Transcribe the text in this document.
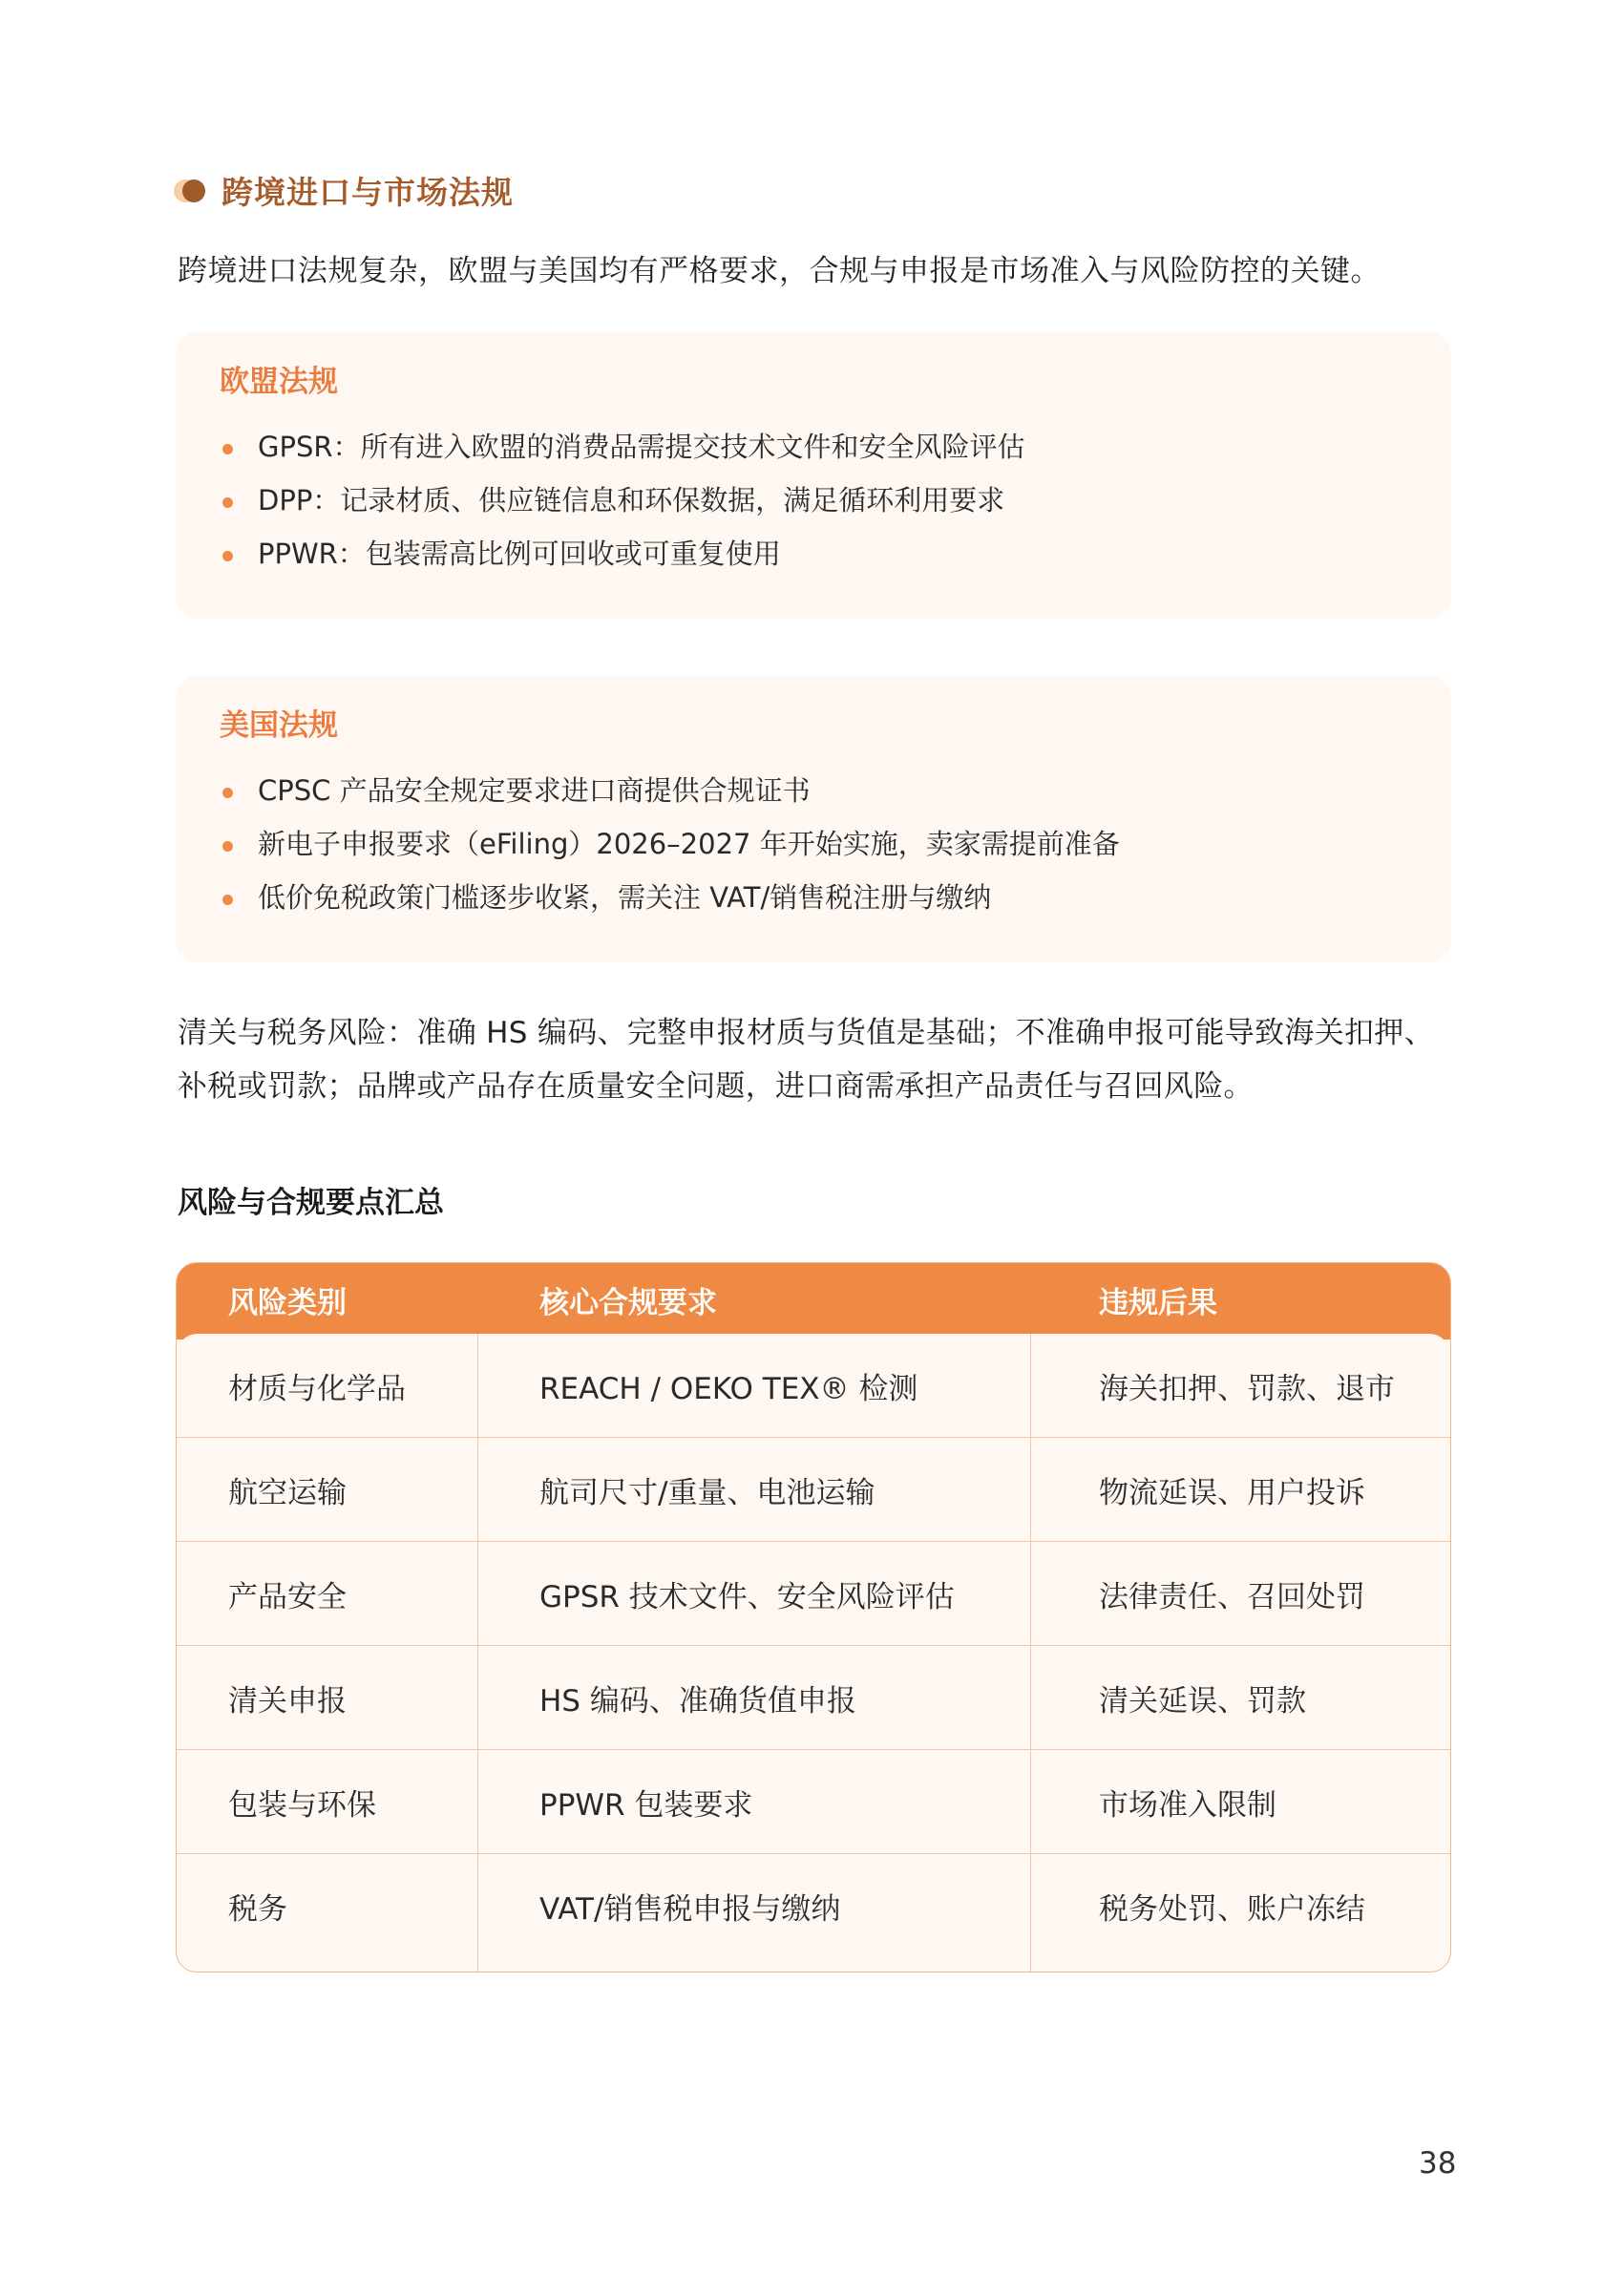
跨境进口与市场法规
跨境进口法规复杂，欧盟与美国均有严格要求，合规与申报是市场准入与风险防控的关键。
欧盟法规
GPSR：所有进入欧盟的消费品需提交技术文件和安全风险评估
DPP：记录材质、供应链信息和环保数据，满足循环利用要求
PPWR：包装需高比例可回收或可重复使用
美国法规
CPSC 产品安全规定要求进口商提供合规证书
新电子申报要求（eFiling）2026–2027 年开始实施，卖家需提前准备
低价免税政策门槛逐步收紧，需关注 VAT/销售税注册与缴纳
清关与税务风险：准确 HS 编码、完整申报材质与货值是基础；不准确申报可能导致海关扣押、补税或罚款；品牌或产品存在质量安全问题，进口商需承担产品责任与召回风险。
风险与合规要点汇总
风险类别	核心合规要求	违规后果
材质与化学品	REACH / OEKO TEX® 检测	海关扣押、罚款、退市
航空运输	航司尺寸/重量、电池运输	物流延误、用户投诉
产品安全	GPSR 技术文件、安全风险评估	法律责任、召回处罚
清关申报	HS 编码、准确货值申报	清关延误、罚款
包装与环保	PPWR 包装要求	市场准入限制
税务	VAT/销售税申报与缴纳	税务处罚、账户冻结
38
